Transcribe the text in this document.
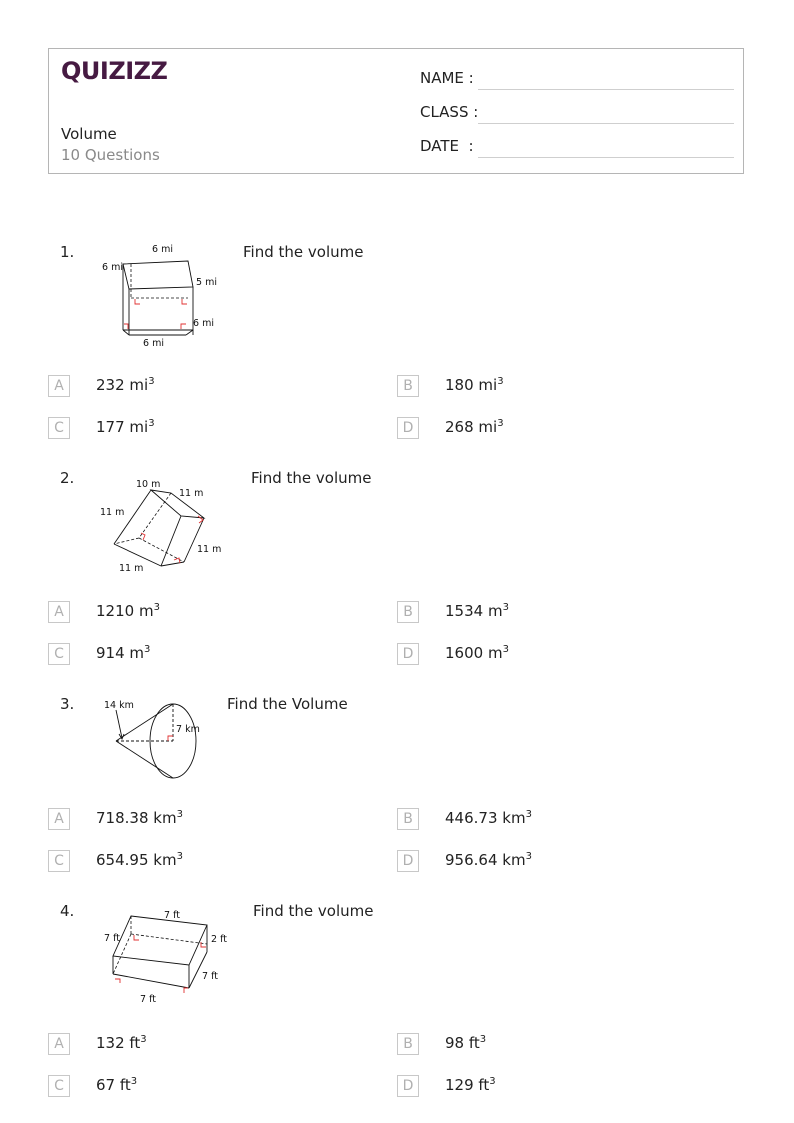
QUIZIZZ
Volume
10 Questions
NAME :
CLASS :
DATE  :
1.	Find the volume
6 mi
6 mi
5 mi
6 mi
6 mi
A	232 $mi^3$	B	180 $mi^3$
C	177 $mi^3$	D	268 $mi^3$
2.	Find the volume
10 m
11 m
11 m
11 m
11 m
A	1210 $m^3$	B	1534 $m^3$
C	914 $m^3$	D	1600 $m^3$
3.	Find the Volume
14 km
7 km
A	718.38 $km^3$	B	446.73 $km^3$
C	654.95 $km^3$	D	956.64 $km^3$
4.	Find the volume
7 ft
7 ft	2 ft
7 ft
7 ft
A	132 $ft^3$	B	98 $ft^3$
C	67 $ft^3$	D	129 $ft^3$
